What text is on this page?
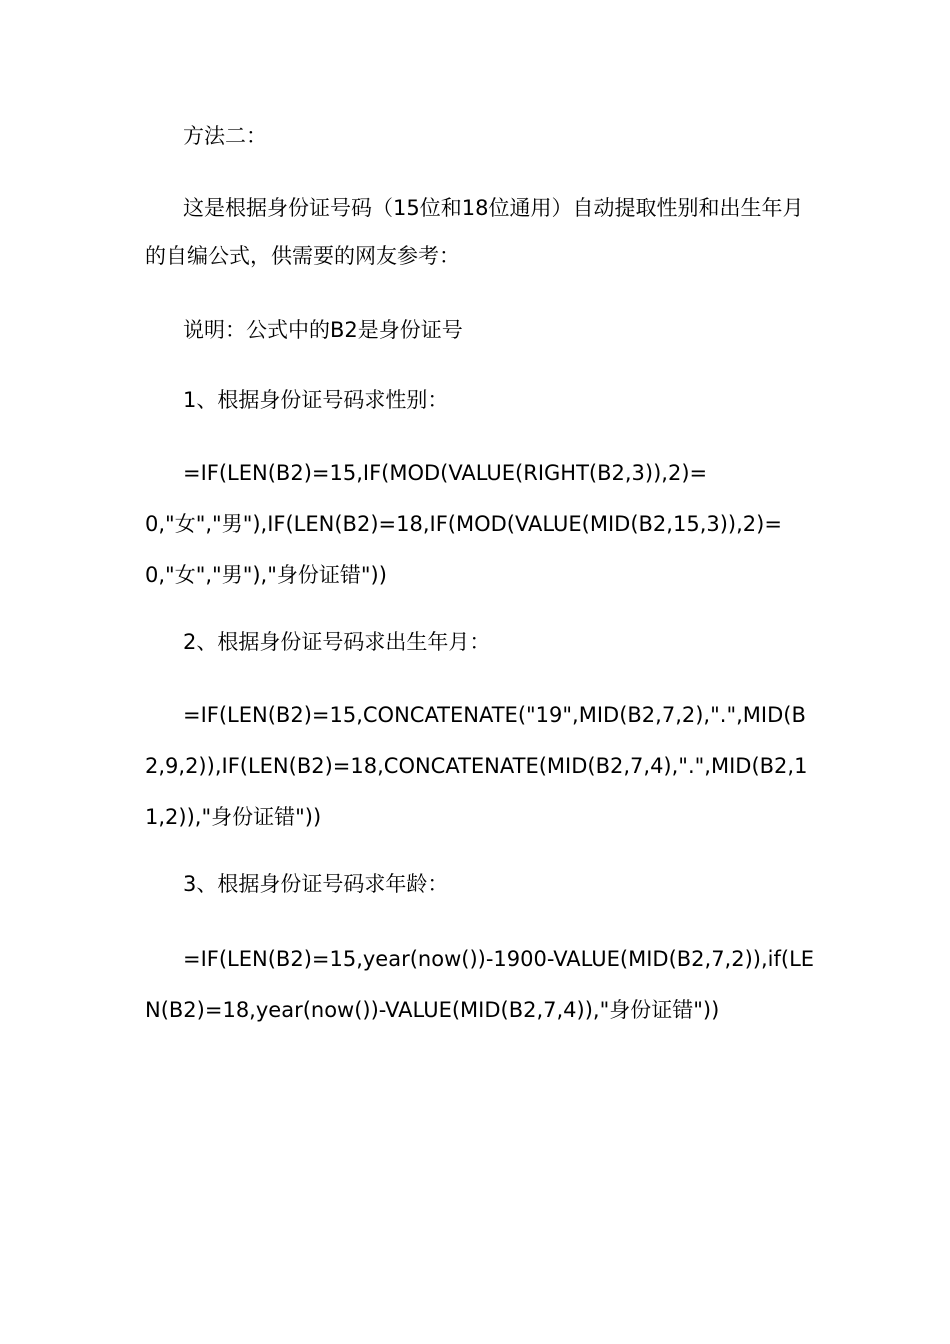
方法二：

这是根据身份证号码（15位和18位通用）自动提取性别和出生年月的自编公式，供需要的网友参考：

说明：公式中的B2是身份证号

1、根据身份证号码求性别：

=IF(LEN(B2)=15,IF(MOD(VALUE(RIGHT(B2,3)),2)=0,"女","男"),IF(LEN(B2)=18,IF(MOD(VALUE(MID(B2,15,3)),2)=0,"女","男"),"身份证错"))

2、根据身份证号码求出生年月：

=IF(LEN(B2)=15,CONCATENATE("19",MID(B2,7,2),".",MID(B2,9,2)),IF(LEN(B2)=18,CONCATENATE(MID(B2,7,4),".",MID(B2,11,2)),"身份证错"))

3、根据身份证号码求年龄：

=IF(LEN(B2)=15,year(now())-1900-VALUE(MID(B2,7,2)),if(LEN(B2)=18,year(now())-VALUE(MID(B2,7,4)),"身份证错"))
